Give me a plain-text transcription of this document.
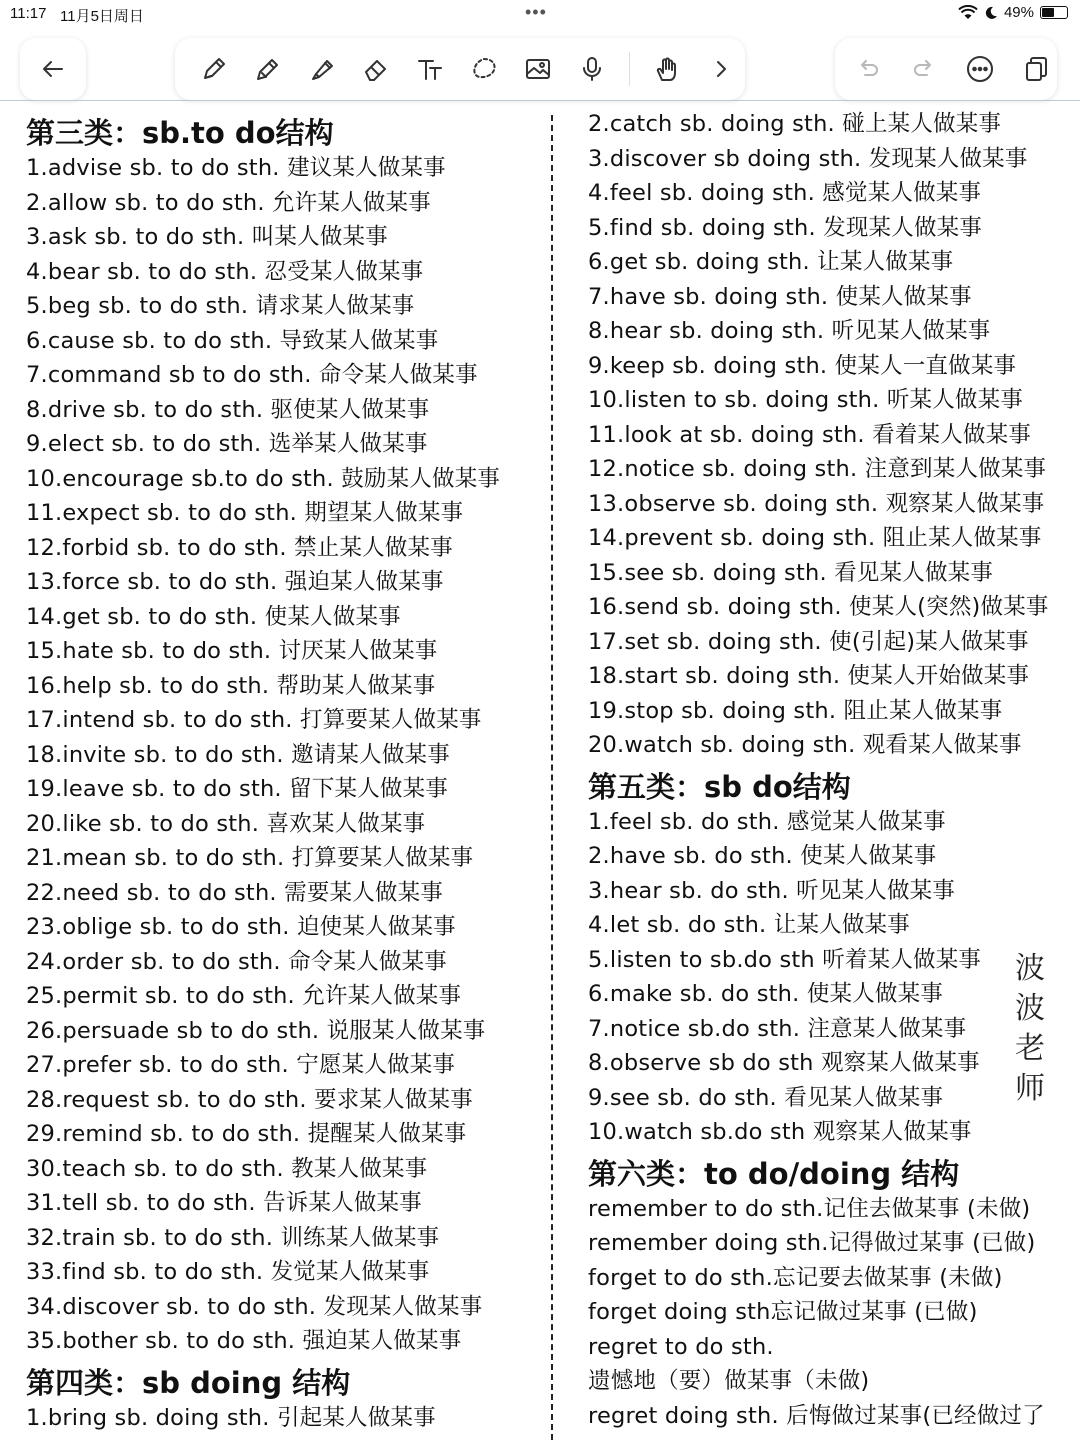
11:17 11月5日周日	•••	49%
第三类：sb.to do结构
1.advise sb. to do sth. 建议某人做某事
2.allow sb. to do sth. 允许某人做某事
3.ask sb. to do sth. 叫某人做某事
4.bear sb. to do sth. 忍受某人做某事
5.beg sb. to do sth. 请求某人做某事
6.cause sb. to do sth. 导致某人做某事
7.command sb to do sth. 命令某人做某事
8.drive sb. to do sth. 驱使某人做某事
9.elect sb. to do sth. 选举某人做某事
10.encourage sb.to do sth. 鼓励某人做某事
11.expect sb. to do sth. 期望某人做某事
12.forbid sb. to do sth. 禁止某人做某事
13.force sb. to do sth. 强迫某人做某事
14.get sb. to do sth. 使某人做某事
15.hate sb. to do sth. 讨厌某人做某事
16.help sb. to do sth. 帮助某人做某事
17.intend sb. to do sth. 打算要某人做某事
18.invite sb. to do sth. 邀请某人做某事
19.leave sb. to do sth. 留下某人做某事
20.like sb. to do sth. 喜欢某人做某事
21.mean sb. to do sth. 打算要某人做某事
22.need sb. to do sth. 需要某人做某事
23.oblige sb. to do sth. 迫使某人做某事
24.order sb. to do sth. 命令某人做某事
25.permit sb. to do sth. 允许某人做某事
26.persuade sb to do sth. 说服某人做某事
27.prefer sb. to do sth. 宁愿某人做某事
28.request sb. to do sth. 要求某人做某事
29.remind sb. to do sth. 提醒某人做某事
30.teach sb. to do sth. 教某人做某事
31.tell sb. to do sth. 告诉某人做某事
32.train sb. to do sth. 训练某人做某事
33.find sb. to do sth. 发觉某人做某事
34.discover sb. to do sth. 发现某人做某事
35.bother sb. to do sth. 强迫某人做某事
第四类：sb doing 结构
1.bring sb. doing sth. 引起某人做某事
2.catch sb. doing sth. 碰上某人做某事
3.discover sb doing sth. 发现某人做某事
4.feel sb. doing sth. 感觉某人做某事
5.find sb. doing sth. 发现某人做某事
6.get sb. doing sth. 让某人做某事
7.have sb. doing sth. 使某人做某事
8.hear sb. doing sth. 听见某人做某事
9.keep sb. doing sth. 使某人一直做某事
10.listen to sb. doing sth. 听某人做某事
11.look at sb. doing sth. 看着某人做某事
12.notice sb. doing sth. 注意到某人做某事
13.observe sb. doing sth. 观察某人做某事
14.prevent sb. doing sth. 阻止某人做某事
15.see sb. doing sth. 看见某人做某事
16.send sb. doing sth. 使某人(突然)做某事
17.set sb. doing sth. 使(引起)某人做某事
18.start sb. doing sth. 使某人开始做某事
19.stop sb. doing sth. 阻止某人做某事
20.watch sb. doing sth. 观看某人做某事
第五类：sb do结构
1.feel sb. do sth. 感觉某人做某事
2.have sb. do sth. 使某人做某事
3.hear sb. do sth. 听见某人做某事
4.let sb. do sth. 让某人做某事
5.listen to sb.do sth 听着某人做某事
6.make sb. do sth. 使某人做某事
7.notice sb.do sth. 注意某人做某事
8.observe sb do sth 观察某人做某事
9.see sb. do sth. 看见某人做某事
10.watch sb.do sth 观察某人做某事
第六类：to do/doing 结构
remember to do sth.记住去做某事 (未做)
remember doing sth.记得做过某事 (已做)
forget to do sth.忘记要去做某事 (未做)
forget doing sth忘记做过某事 (已做)
regret to do sth.
遗憾地（要）做某事（未做)
regret doing sth. 后悔做过某事(已经做过了
波
波
老
师
